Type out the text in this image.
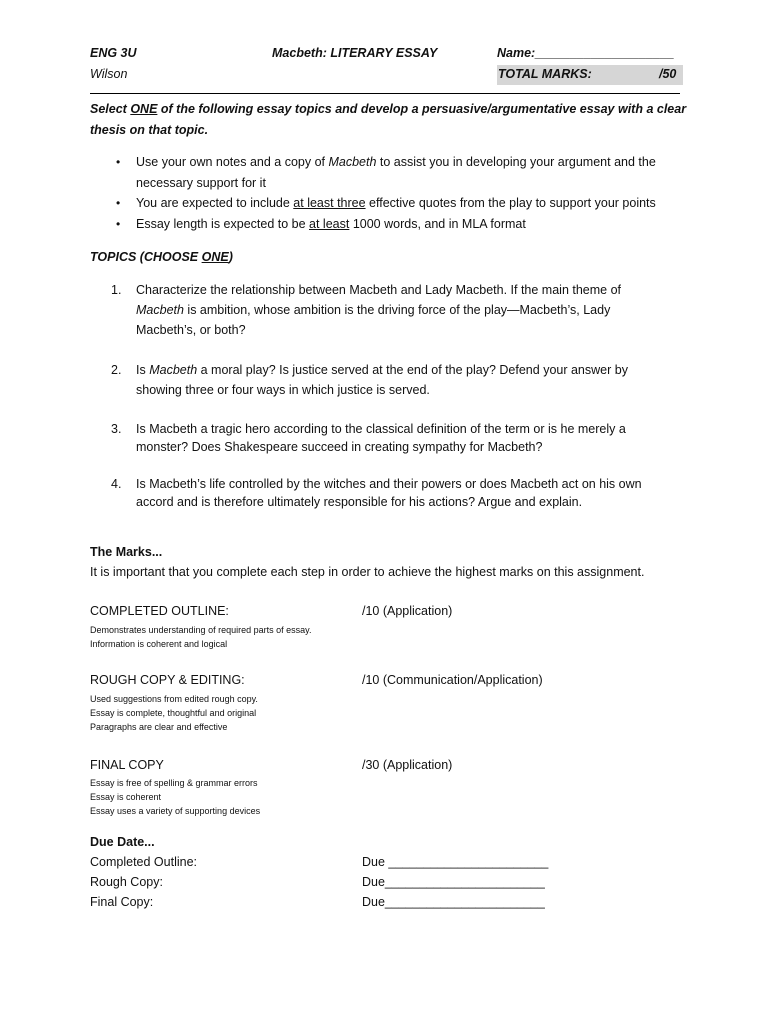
ENG 3U
Wilson
Macbeth: LITERARY ESSAY	Name:____________________
TOTAL MARKS:	/50
Select ONE of the following essay topics and develop a persuasive/argumentative essay with a clear
thesis on that topic.
• Use your own notes and a copy of Macbeth to assist you in developing your argument and the
necessary support for it
• You are expected to include at least three effective quotes from the play to support your points
• Essay length is expected to be at least 1000 words, and in MLA format
TOPICS (CHOOSE ONE)
1. Characterize the relationship between Macbeth and Lady Macbeth. If the main theme of
Macbeth is ambition, whose ambition is the driving force of the play—Macbeth’s, Lady
Macbeth’s, or both?
2. Is Macbeth a moral play? Is justice served at the end of the play? Defend your answer by
showing three or four ways in which justice is served.
3. Is Macbeth a tragic hero according to the classical definition of the term or is he merely a
monster? Does Shakespeare succeed in creating sympathy for Macbeth?
4. Is Macbeth’s life controlled by the witches and their powers or does Macbeth act on his own
accord and is therefore ultimately responsible for his actions? Argue and explain.
The Marks...
It is important that you complete each step in order to achieve the highest marks on this assignment.
COMPLETED OUTLINE:	/10 (Application)
Demonstrates understanding of required parts of essay.
Information is coherent and logical
ROUGH COPY & EDITING:	/10 (Communication/Application)
Used suggestions from edited rough copy.
Essay is complete, thoughtful and original
Paragraphs are clear and effective
FINAL COPY	/30 (Application)
Essay is free of spelling & grammar errors
Essay is coherent
Essay uses a variety of supporting devices
Due Date...
Completed Outline:	Due _______________________
Rough Copy:	Due_______________________
Final Copy:	Due_______________________
